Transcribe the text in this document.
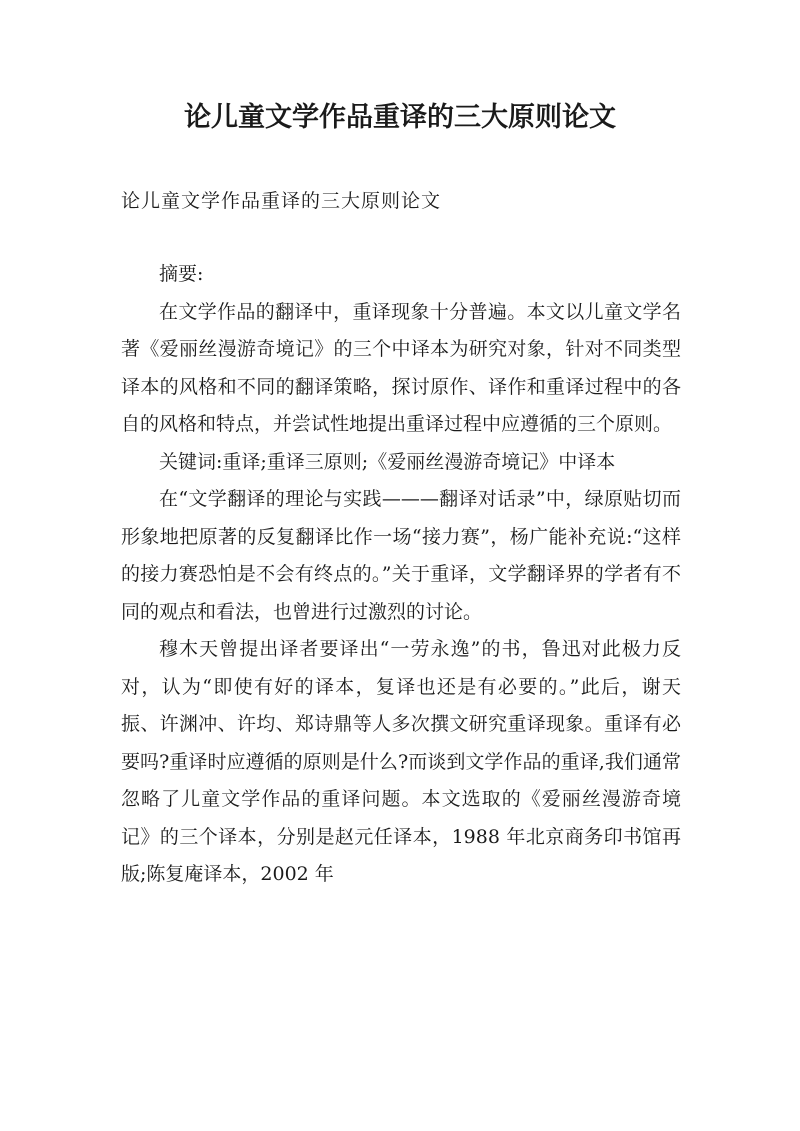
论儿童文学作品重译的三大原则论文

论儿童文学作品重译的三大原则论文

摘要:

在文学作品的翻译中，重译现象十分普遍。本文以儿童文学名著《爱丽丝漫游奇境记》的三个中译本为研究对象，针对不同类型译本的风格和不同的翻译策略，探讨原作、译作和重译过程中的各自的风格和特点，并尝试性地提出重译过程中应遵循的三个原则。

关键词:重译;重译三原则;《爱丽丝漫游奇境记》中译本

在“文学翻译的理论与实践———翻译对话录”中，绿原贴切而形象地把原著的反复翻译比作一场“接力赛”，杨广能补充说:“这样的接力赛恐怕是不会有终点的。”关于重译，文学翻译界的学者有不同的观点和看法，也曾进行过激烈的讨论。

穆木天曾提出译者要译出“一劳永逸”的书，鲁迅对此极力反对，认为“即使有好的译本，复译也还是有必要的。”此后，谢天振、许渊冲、许均、郑诗鼎等人多次撰文研究重译现象。重译有必要吗?重译时应遵循的原则是什么?而谈到文学作品的重译,我们通常忽略了儿童文学作品的重译问题。本文选取的《爱丽丝漫游奇境记》的三个译本，分别是赵元任译本，1988 年北京商务印书馆再版;陈复庵译本，2002 年
